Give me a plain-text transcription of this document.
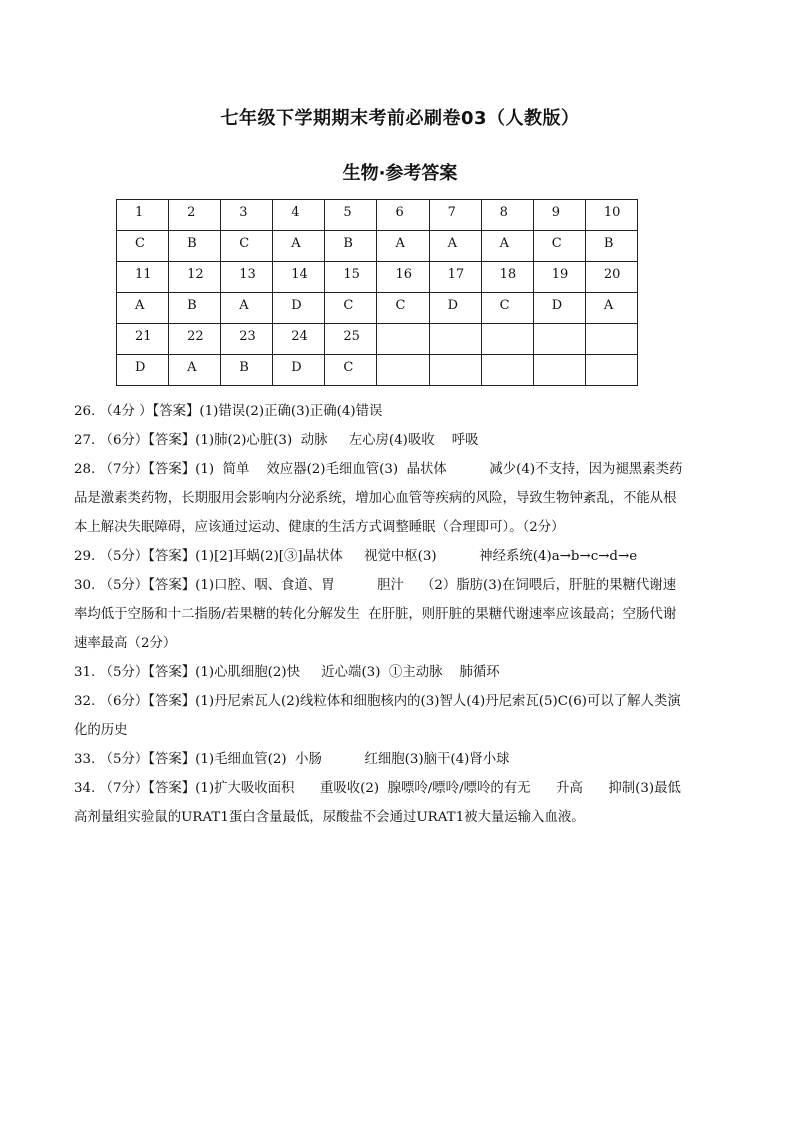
七年级下学期期末考前必刷卷03（人教版）
生物·参考答案
1	2	3	4	5	6	7	8	9	10
C	B	C	A	B	A	A	A	C	B
11	12	13	14	15	16	17	18	19	20
A	B	A	D	C	C	D	C	D	A
21	22	23	24	25					
D	A	B	D	C					
26. （4分 ）【答案】(1)错误(2)正确(3)正确(4)错误
27. （6分）【答案】(1)肺(2)心脏(3)  动脉     左心房(4)吸收    呼吸
28. （7分）【答案】(1)  简单    效应器(2)毛细血管(3)  晶状体          减少(4)不支持，因为褪黑素类药品是激素类药物，长期服用会影响内分泌系统，增加心血管等疾病的风险，导致生物钟紊乱，不能从根本上解决失眠障碍，应该通过运动、健康的生活方式调整睡眠（合理即可）。（2分）
29. （5分）【答案】(1)[2]耳蜗(2)[③]晶状体     视觉中枢(3)          神经系统(4)a→b→c→d→e
30. （5分）【答案】(1)口腔、咽、食道、胃          胆汁    （2）脂肪(3)在饲喂后，肝脏的果糖代谢速率均低于空肠和十二指肠/若果糖的转化分解发生  在肝脏，则肝脏的果糖代谢速率应该最高；空肠代谢速率最高（2分）
31. （5分）【答案】(1)心肌细胞(2)快     近心端(3)  ①主动脉    肺循环
32. （6分）【答案】(1)丹尼索瓦人(2)线粒体和细胞核内的(3)智人(4)丹尼索瓦(5)C(6)可以了解人类演化的历史
33. （5分）【答案】(1)毛细血管(2)  小肠          红细胞(3)脑干(4)肾小球
34. （7分）【答案】(1)扩大吸收面积      重吸收(2)  腺嘌呤/嘌呤/嘌呤的有无      升高      抑制(3)最低      高剂量组实验鼠的URAT1蛋白含量最低，尿酸盐不会通过URAT1被大量运输入血液。
